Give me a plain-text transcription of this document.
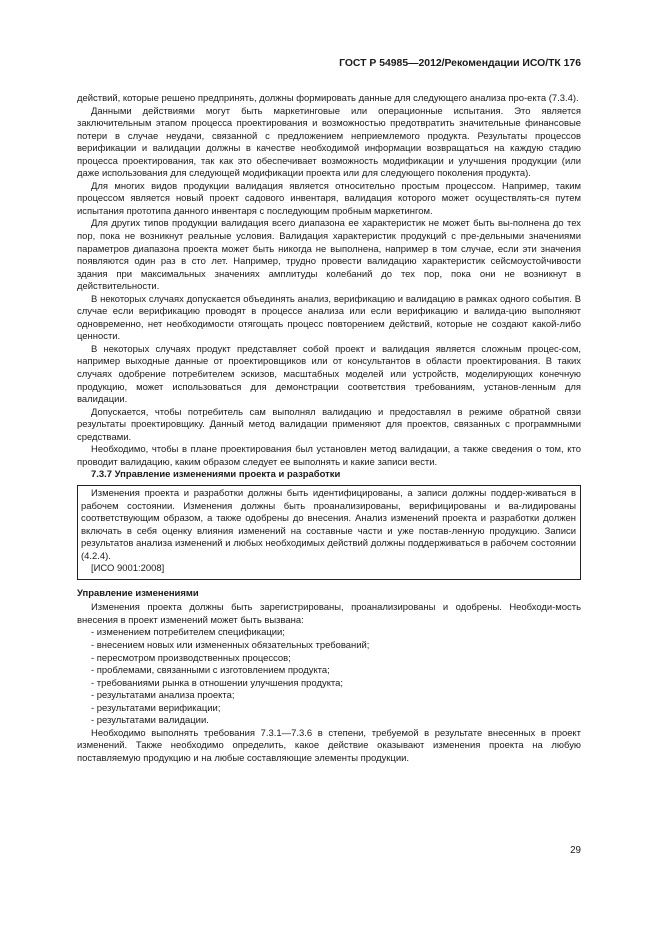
ГОСТ Р 54985—2012/Рекомендации ИСО/ТК 176

действий, которые решено предпринять, должны формировать данные для следующего анализа про-екта (7.3.4).

Данными действиями могут быть маркетинговые или операционные испытания. Это является заключительным этапом процесса проектирования и возможностью предотвратить значительные финансовые потери в случае неудачи, связанной с предложением неприемлемого продукта. Результаты процессов верификации и валидации должны в качестве необходимой информации возвращаться на каждую стадию процесса проектирования, так как это обеспечивает возможность модификации и улучшения продукции (или даже использования для следующей модификации проекта или для следующего поколения продукта).

Для многих видов продукции валидация является относительно простым процессом. Например, таким процессом является новый проект садового инвентаря, валидация которого может осуществлять-ся путем испытания прототипа данного инвентаря с последующим пробным маркетингом.

Для других типов продукции валидация всего диапазона ее характеристик не может быть вы-полнена до тех пор, пока не возникнут реальные условия. Валидация характеристик продукций с пре-дельными значениями параметров диапазона проекта может быть никогда не выполнена, например в том случае, если эти значения появляются один раз в сто лет. Например, трудно провести валидацию характеристик сейсмоустойчивости здания при максимальных значениях амплитуды колебаний до тех пор, пока они не возникнут в действительности.

В некоторых случаях допускается объединять анализ, верификацию и валидацию в рамках одного события. В случае если верификацию проводят в процессе анализа или если верификацию и валида-цию выполняют одновременно, нет необходимости отягощать процесс повторением действий, которые не создают какой-либо ценности.

В некоторых случаях продукт представляет собой проект и валидация является сложным процес-сом, например выходные данные от проектировщиков или от консультантов в области проектирования. В таких случаях одобрение потребителем эскизов, масштабных моделей или устройств, моделирующих конечную продукцию, может использоваться для демонстрации соответствия требованиям, установ-ленным для валидации.

Допускается, чтобы потребитель сам выполнял валидацию и предоставлял в режиме обратной связи результаты проектировщику. Данный метод валидации применяют для проектов, связанных с программными средствами.

Необходимо, чтобы в плане проектирования был установлен метод валидации, а также сведения о том, кто проводит валидацию, каким образом следует ее выполнять и какие записи вести.

7.3.7 Управление изменениями проекта и разработки

Изменения проекта и разработки должны быть идентифицированы, а записи должны поддер-живаться в рабочем состоянии. Изменения должны быть проанализированы, верифицированы и ва-лидированы соответствующим образом, а также одобрены до внесения. Анализ изменений проекта и разработки должен включать в себя оценку влияния изменений на составные части и уже постав-ленную продукцию. Записи результатов анализа изменений и любых необходимых действий должны поддерживаться в рабочем состоянии (4.2.4).

[ИСО 9001:2008]

Управление изменениями

Изменения проекта должны быть зарегистрированы, проанализированы и одобрены. Необходи-мость внесения в проект изменений может быть вызвана:

- изменением потребителем спецификации;
- внесением новых или измененных обязательных требований;
- пересмотром производственных процессов;
- проблемами, связанными с изготовлением продукта;
- требованиями рынка в отношении улучшения продукта;
- результатами анализа проекта;
- результатами верификации;
- результатами валидации.

Необходимо выполнять требования 7.3.1—7.3.6 в степени, требуемой в результате внесенных в проект изменений. Также необходимо определить, какое действие оказывают изменения проекта на любую поставляемую продукцию и на любые составляющие элементы продукции.

29
